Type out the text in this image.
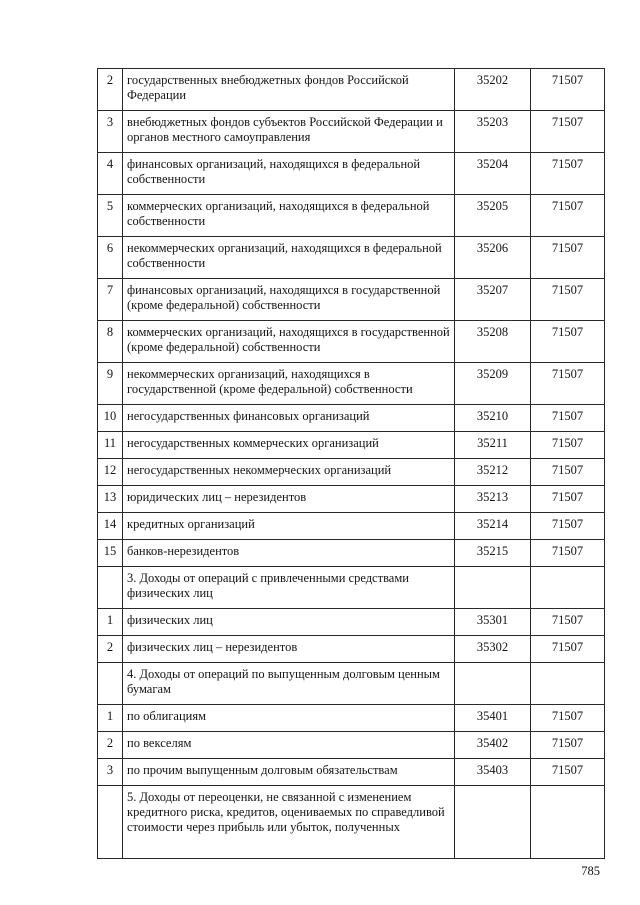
2	государственных внебюджетных фондов Российской Федерации	35202	71507
3	внебюджетных фондов субъектов Российской Федерации и органов местного самоуправления	35203	71507
4	финансовых организаций, находящихся в федеральной собственности	35204	71507
5	коммерческих организаций, находящихся в федеральной собственности	35205	71507
6	некоммерческих организаций, находящихся в федеральной собственности	35206	71507
7	финансовых организаций, находящихся в государственной (кроме федеральной) собственности	35207	71507
8	коммерческих организаций, находящихся в государственной (кроме федеральной) собственности	35208	71507
9	некоммерческих организаций, находящихся в государственной (кроме федеральной) собственности	35209	71507
10	негосударственных финансовых организаций	35210	71507
11	негосударственных коммерческих организаций	35211	71507
12	негосударственных некоммерческих организаций	35212	71507
13	юридических лиц – нерезидентов	35213	71507
14	кредитных организаций	35214	71507
15	банков-нерезидентов	35215	71507
	3. Доходы от операций с привлеченными средствами физических лиц		
1	физических лиц	35301	71507
2	физических лиц – нерезидентов	35302	71507
	4. Доходы от операций по выпущенным долговым ценным бумагам		
1	по облигациям	35401	71507
2	по векселям	35402	71507
3	по прочим выпущенным долговым обязательствам	35403	71507
	5. Доходы от переоценки, не связанной с изменением кредитного риска, кредитов, оцениваемых по справедливой стоимости через прибыль или убыток, полученных		
785
